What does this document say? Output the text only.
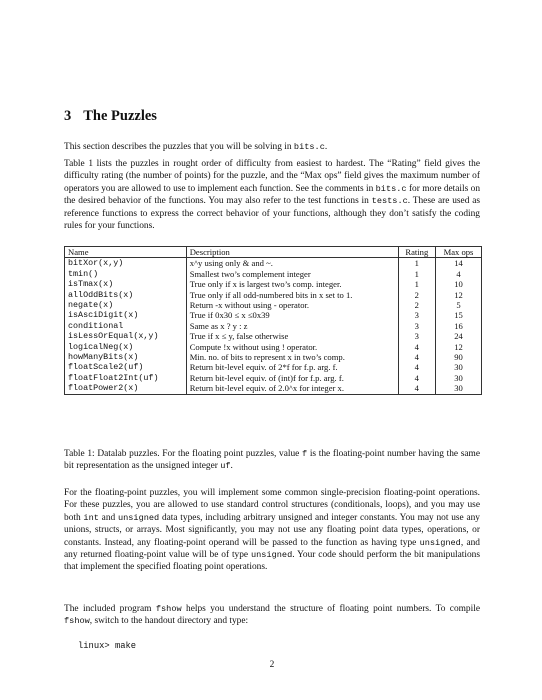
3 The Puzzles

This section describes the puzzles that you will be solving in bits.c.

Table 1 lists the puzzles in rought order of difficulty from easiest to hardest. The “Rating” field gives the difficulty rating (the number of points) for the puzzle, and the “Max ops” field gives the maximum number of operators you are allowed to use to implement each function. See the comments in bits.c for more details on the desired behavior of the functions. You may also refer to the test functions in tests.c. These are used as reference functions to express the correct behavior of your functions, although they don’t satisfy the coding rules for your functions.

Name	Description	Rating	Max ops
bitXor(x,y)	x^y using only & and ~.	1	14
tmin()	Smallest two’s complement integer	1	4
isTmax(x)	True only if x is largest two’s comp. integer.	1	10
allOddBits(x)	True only if all odd-numbered bits in x set to 1.	2	12
negate(x)	Return -x without using - operator.	2	5
isAsciDigit(x)	True if 0x30 ≤ x ≤0x39	3	15
conditional	Same as x ? y : z	3	16
isLessOrEqual(x,y)	True if x ≤ y, false otherwise	3	24
logicalNeg(x)	Compute !x without using ! operator.	4	12
howManyBits(x)	Min. no. of bits to represent x in two’s comp.	4	90
floatScale2(uf)	Return bit-level equiv. of 2*f for f.p. arg. f.	4	30
floatFloat2Int(uf)	Return bit-level equiv. of (int)f for f.p. arg. f.	4	30
floatPower2(x)	Return bit-level equiv. of 2.0^x for integer x.	4	30

Table 1: Datalab puzzles. For the floating point puzzles, value f is the floating-point number having the same bit representation as the unsigned integer uf.

For the floating-point puzzles, you will implement some common single-precision floating-point operations. For these puzzles, you are allowed to use standard control structures (conditionals, loops), and you may use both int and unsigned data types, including arbitrary unsigned and integer constants. You may not use any unions, structs, or arrays. Most significantly, you may not use any floating point data types, operations, or constants. Instead, any floating-point operand will be passed to the function as having type unsigned, and any returned floating-point value will be of type unsigned. Your code should perform the bit manipulations that implement the specified floating point operations.

The included program fshow helps you understand the structure of floating point numbers. To compile fshow, switch to the handout directory and type:

linux> make
2
